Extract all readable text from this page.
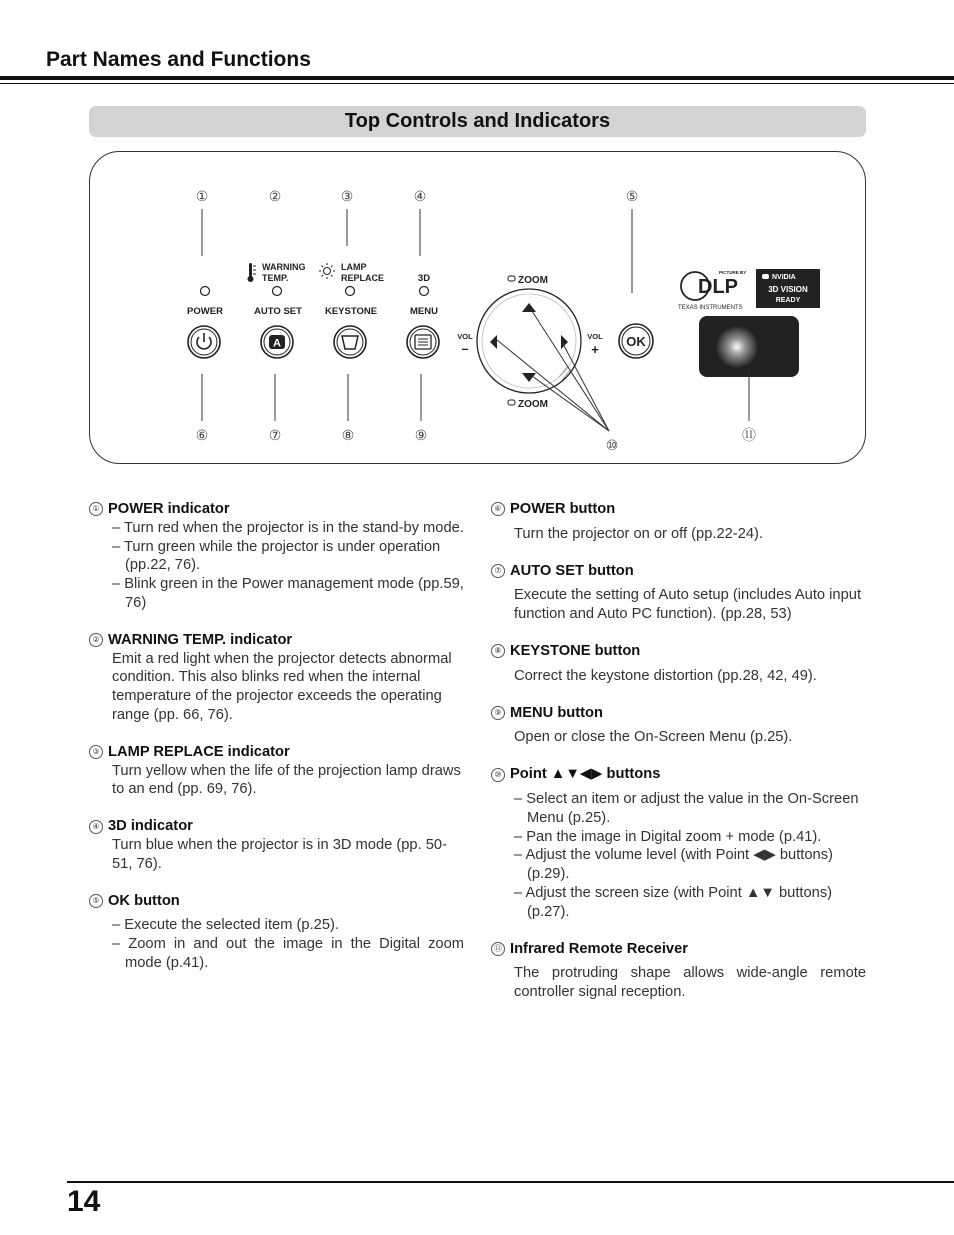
Part Names and Functions
Top Controls and Indicators
①	②	③	④	⑤
WARNING
TEMP.
LAMP
REPLACE	3D
POWER	AUTO SET KEYSTONE	MENU
A
ZOOM
ZOOM
VOL
–
VOL
+
OK
PICTURE BY
DLP
TEXAS INSTRUMENTS
NVIDIA
3D VISION
READY
⑥	⑦	⑧	⑨
⑩
⑪
① POWER indicator
– Turn red when the projector is in the stand-by mode.
– Turn green while the projector is under operation (pp.22, 76).
– Blink green in the Power management mode (pp.59, 76)
② WARNING TEMP. indicator
Emit a red light when the projector detects abnormal condition. This also blinks red when the internal temperature of the projector exceeds the operating range (pp. 66, 76).
③ LAMP REPLACE indicator
Turn yellow when the life of the projection lamp draws to an end (pp. 69, 76).
④ 3D indicator
Turn blue when the projector is in 3D mode (pp. 50-51, 76).
⑤ OK button
– Execute the selected item (p.25).
– Zoom in and out the image in the Digital zoom mode (p.41).
⑥ POWER button
Turn the projector on or off (pp.22-24).
⑦ AUTO SET button
Execute the setting of Auto setup (includes Auto input function and Auto PC function). (pp.28, 53)
⑧ KEYSTONE button
Correct the keystone distortion (pp.28, 42, 49).
⑨ MENU button
Open or close the On-Screen Menu (p.25).
⑩ Point ▲▼◀▶ buttons
– Select an item or adjust the value in the On-Screen Menu (p.25).
– Pan the image in Digital zoom + mode (p.41).
– Adjust the volume level (with Point ◀▶ buttons) (p.29).
– Adjust the screen size (with Point ▲▼ buttons) (p.27).
⑪ Infrared Remote Receiver
The protruding shape allows wide-angle remote controller signal reception.
14
